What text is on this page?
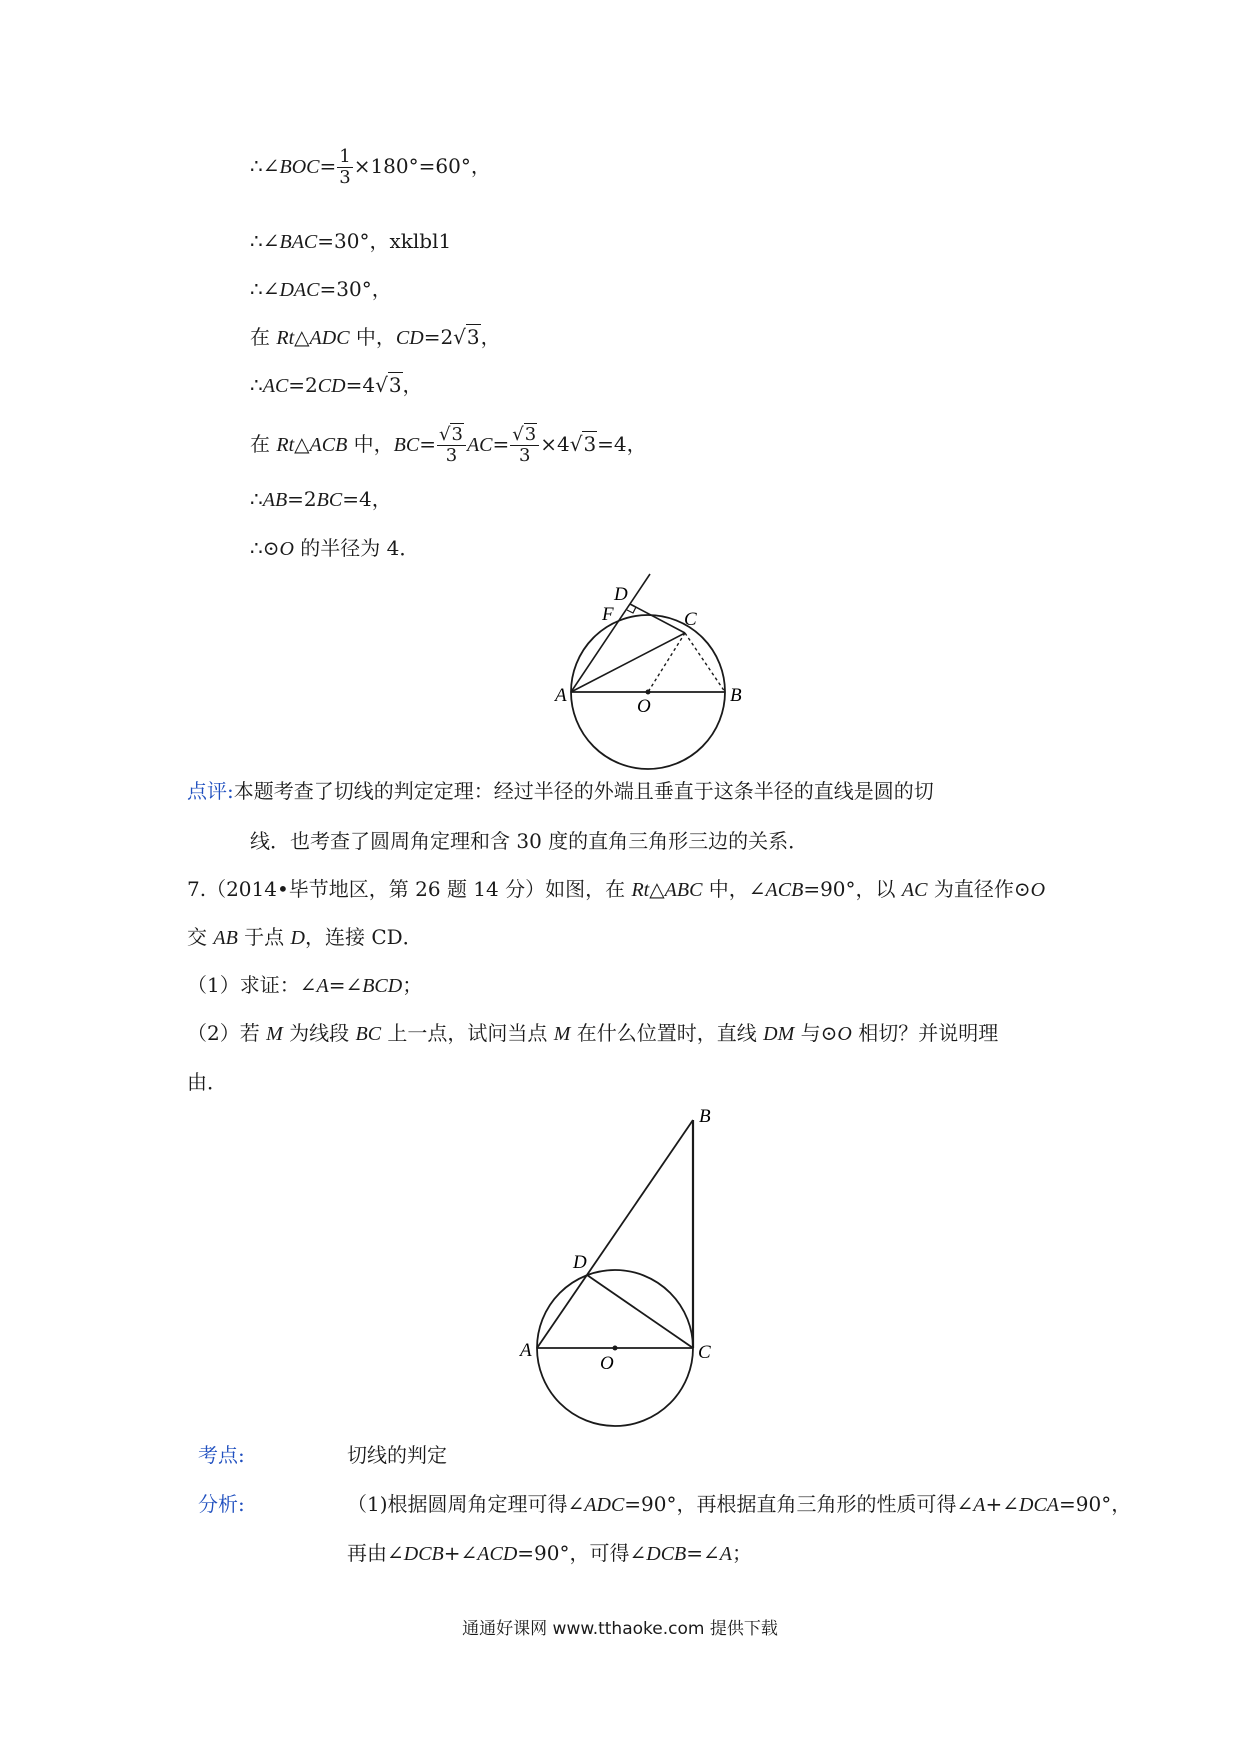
∴∠BOC= $\frac{1}{3} \times 180^\circ=60^\circ$，
∴∠BAC=30°，xklbl1
∴∠DAC=30°，
在 Rt△ADC 中，CD=2√3，
∴AC=2CD=4√3，
在 Rt△ACB 中，$BC= \frac{√3}{3} AC= \frac{√3}{3} \times 4√3=4$，
∴AB=2BC=4，
∴⊙O 的半径为 4．
D
F	C
A
O
B
点评:本题考查了切线的判定定理：经过半径的外端且垂直于这条半径的直线是圆的切
线．也考查了圆周角定理和含 30 度的直角三角形三边的关系．
7.（2014•毕节地区，第 26 题 14 分）如图，在 Rt△ABC 中，∠ACB=90°，以 AC 为直径作⊙O
交 AB 于点 D，连接 CD．
（1）求证：∠A=∠BCD；
（2）若 M 为线段 BC 上一点，试问当点 M 在什么位置时，直线 DM 与⊙O 相切？并说明理
由．
B
D
A
O
C
考点:	切线的判定
分析:	（1)根据圆周角定理可得∠ADC=90°，再根据直角三角形的性质可得∠A+∠DCA=90°，
再由∠DCB+∠ACD=90°，可得∠DCB=∠A；
通通好课网 www.tthaoke.com 提供下载
